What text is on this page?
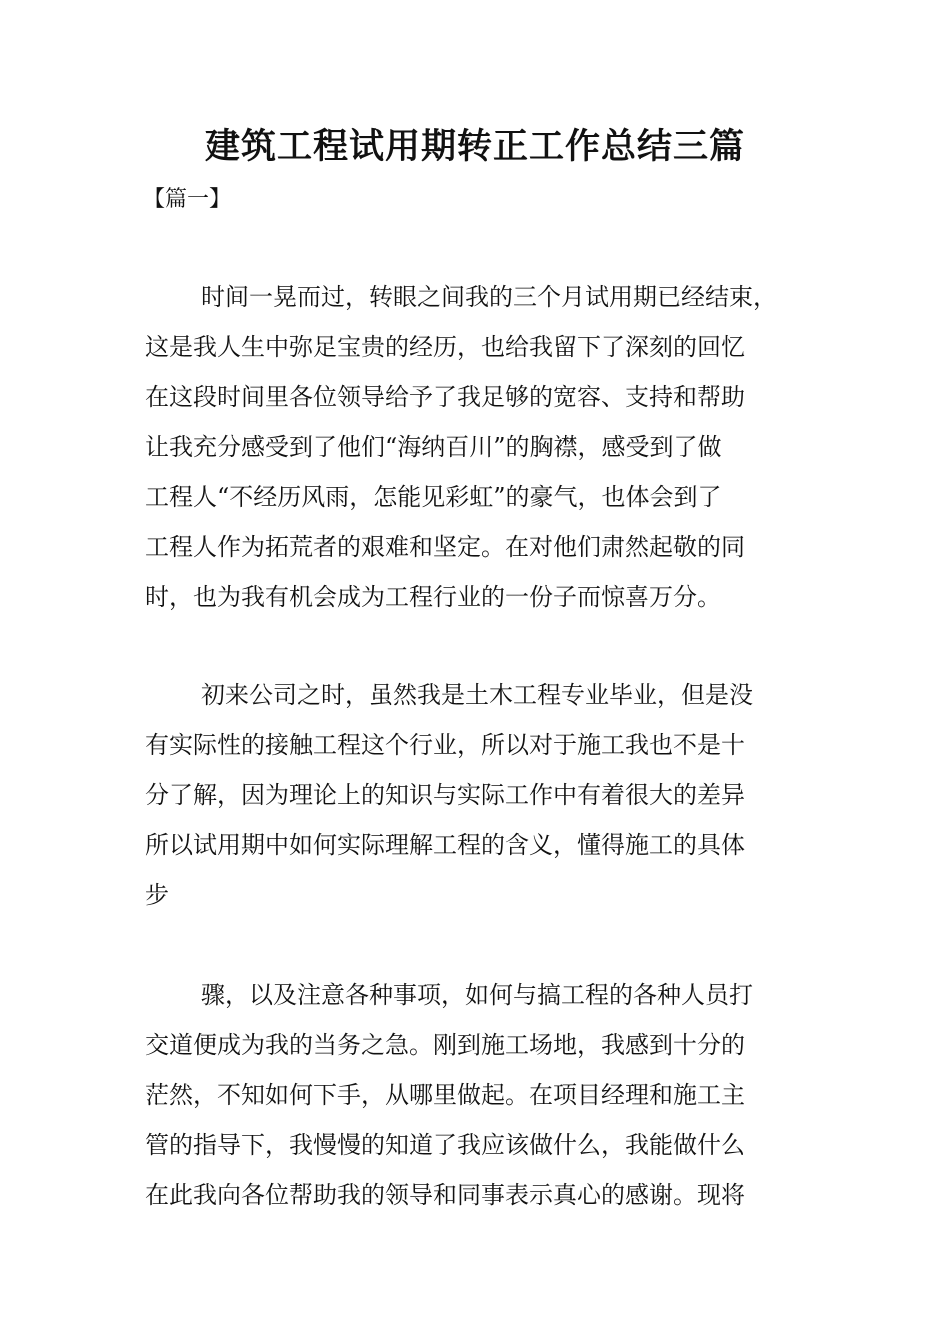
建筑工程试用期转正工作总结三篇

【篇一】

时间一晃而过，转眼之间我的三个月试用期已经结束，
这是我人生中弥足宝贵的经历，也给我留下了深刻的回忆
在这段时间里各位领导给予了我足够的宽容、支持和帮助
让我充分感受到了他们“海纳百川”的胸襟，感受到了做
工程人“不经历风雨，怎能见彩虹”的豪气，也体会到了
工程人作为拓荒者的艰难和坚定。在对他们肃然起敬的同
时，也为我有机会成为工程行业的一份子而惊喜万分。
初来公司之时，虽然我是土木工程专业毕业，但是没
有实际性的接触工程这个行业，所以对于施工我也不是十
分了解，因为理论上的知识与实际工作中有着很大的差异
所以试用期中如何实际理解工程的含义，懂得施工的具体
步
骤，以及注意各种事项，如何与搞工程的各种人员打
交道便成为我的当务之急。刚到施工场地，我感到十分的
茫然，不知如何下手，从哪里做起。在项目经理和施工主
管的指导下，我慢慢的知道了我应该做什么，我能做什么
在此我向各位帮助我的领导和同事表示真心的感谢。现将
